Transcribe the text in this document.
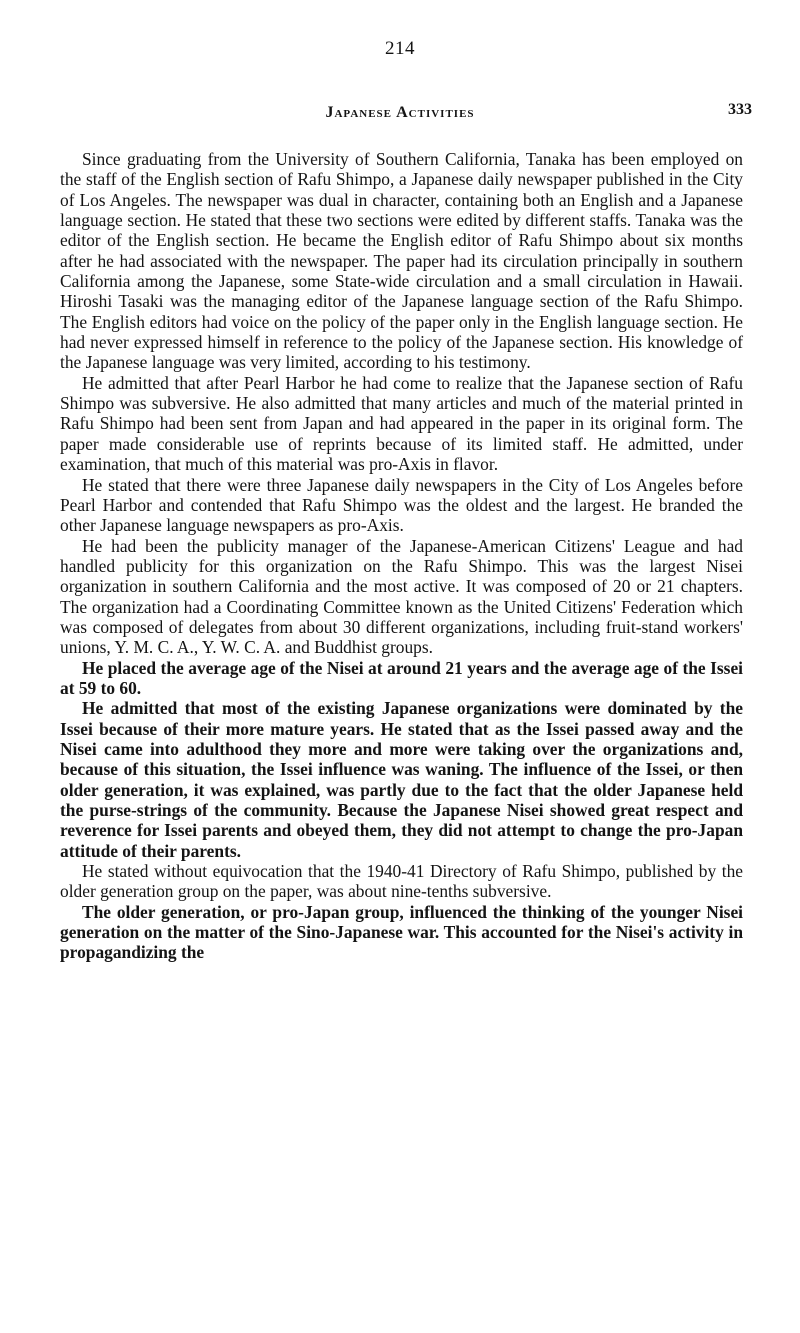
214
Japanese Activities	333

Since graduating from the University of Southern California, Tanaka has been employed on the staff of the English section of Rafu Shimpo, a Japanese daily newspaper published in the City of Los Angeles. The newspaper was dual in character, containing both an English and a Japanese language section. He stated that these two sections were edited by different staffs. Tanaka was the editor of the English section. He became the English editor of Rafu Shimpo about six months after he had associated with the newspaper. The paper had its circulation principally in southern California among the Japanese, some State-wide circulation and a small circulation in Hawaii. Hiroshi Tasaki was the managing editor of the Japanese language section of the Rafu Shimpo. The English editors had voice on the policy of the paper only in the English language section. He had never expressed himself in reference to the policy of the Japanese section. His knowledge of the Japanese language was very limited, according to his testimony.

He admitted that after Pearl Harbor he had come to realize that the Japanese section of Rafu Shimpo was subversive. He also admitted that many articles and much of the material printed in Rafu Shimpo had been sent from Japan and had appeared in the paper in its original form. The paper made considerable use of reprints because of its limited staff. He admitted, under examination, that much of this material was pro-Axis in flavor.

He stated that there were three Japanese daily newspapers in the City of Los Angeles before Pearl Harbor and contended that Rafu Shimpo was the oldest and the largest. He branded the other Japanese language newspapers as pro-Axis.

He had been the publicity manager of the Japanese-American Citizens' League and had handled publicity for this organization on the Rafu Shimpo. This was the largest Nisei organization in southern California and the most active. It was composed of 20 or 21 chapters. The organization had a Coordinating Committee known as the United Citizens' Federation which was composed of delegates from about 30 different organizations, including fruit-stand workers' unions, Y. M. C. A., Y. W. C. A. and Buddhist groups.

He placed the average age of the Nisei at around 21 years and the average age of the Issei at 59 to 60.

He admitted that most of the existing Japanese organizations were dominated by the Issei because of their more mature years. He stated that as the Issei passed away and the Nisei came into adulthood they more and more were taking over the organizations and, because of this situation, the Issei influence was waning. The influence of the Issei, or then older generation, it was explained, was partly due to the fact that the older Japanese held the purse-strings of the community. Because the Japanese Nisei showed great respect and reverence for Issei parents and obeyed them, they did not attempt to change the pro-Japan attitude of their parents.

He stated without equivocation that the 1940-41 Directory of Rafu Shimpo, published by the older generation group on the paper, was about nine-tenths subversive.

The older generation, or pro-Japan group, influenced the thinking of the younger Nisei generation on the matter of the Sino-Japanese war. This accounted for the Nisei's activity in propagandizing the
